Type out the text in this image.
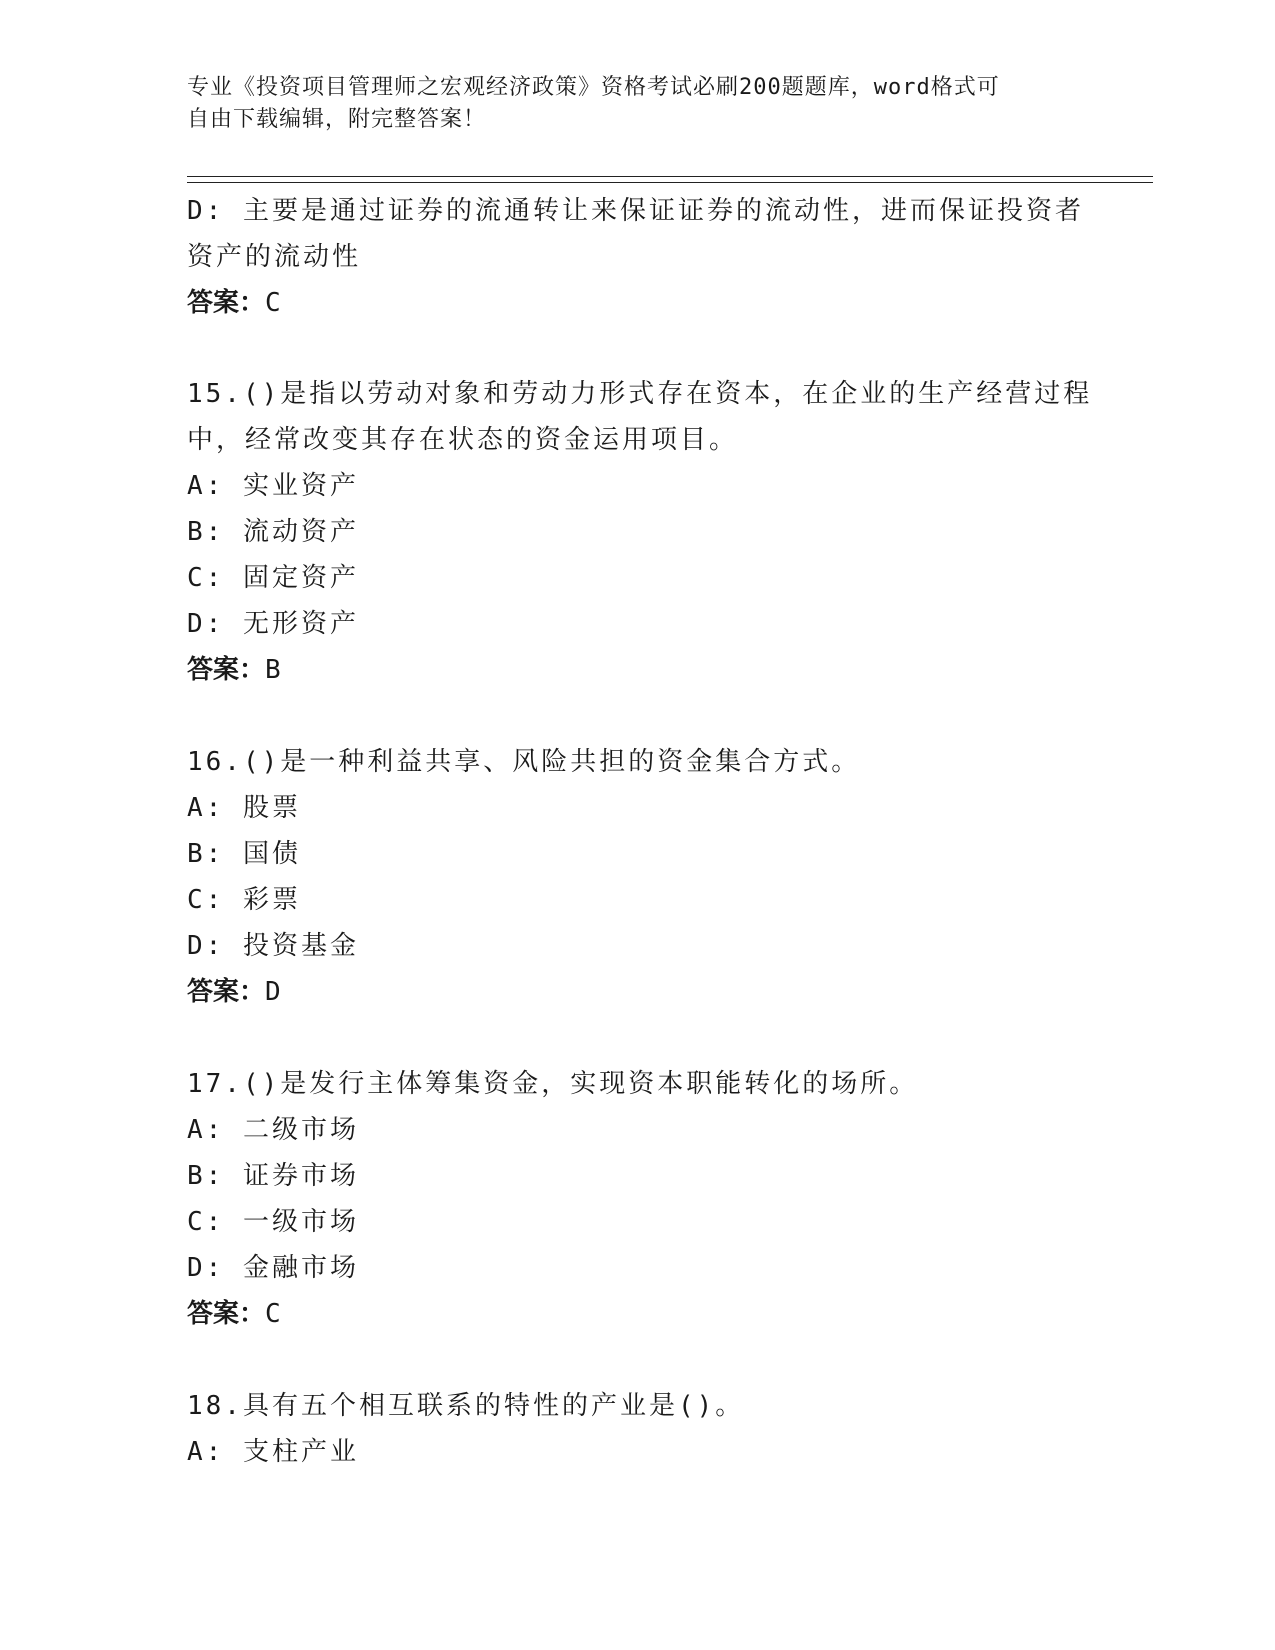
专业《投资项目管理师之宏观经济政策》资格考试必刷200题题库，word格式可
自由下载编辑，附完整答案！
D: 主要是通过证券的流通转让来保证证券的流动性，进而保证投资者
资产的流动性
答案：C
15.()是指以劳动对象和劳动力形式存在资本，在企业的生产经营过程
中，经常改变其存在状态的资金运用项目。
A: 实业资产
B: 流动资产
C: 固定资产
D: 无形资产
答案：B
16.()是一种利益共享、风险共担的资金集合方式。
A: 股票
B: 国债
C: 彩票
D: 投资基金
答案：D
17.()是发行主体筹集资金，实现资本职能转化的场所。
A: 二级市场
B: 证券市场
C: 一级市场
D: 金融市场
答案：C
18.具有五个相互联系的特性的产业是()。
A: 支柱产业
